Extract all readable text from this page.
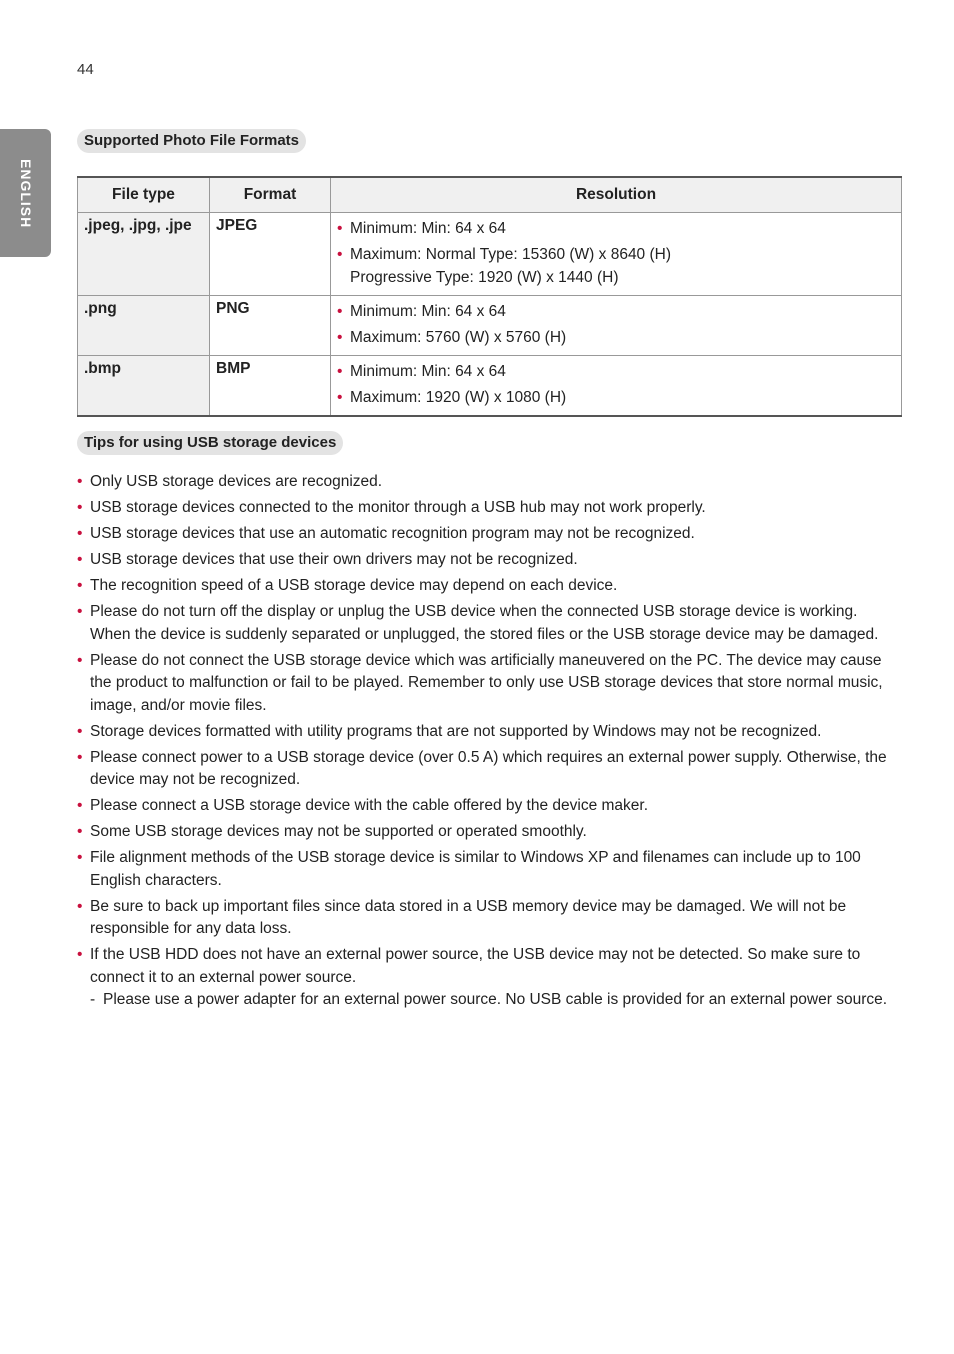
44
ENGLISH
Supported Photo File Formats
File type	Format	Resolution
.jpeg, .jpg, .jpe	JPEG	• Minimum: Min: 64 x 64
• Maximum: Normal Type: 15360 (W) x 8640 (H)
Progressive Type: 1920 (W) x 1440 (H)

.png	PNG	• Minimum: Min: 64 x 64
• Maximum: 5760 (W) x 5760 (H)

.bmp	BMP	• Minimum: Min: 64 x 64
• Maximum: 1920 (W) x 1080 (H)
Tips for using USB storage devices
• Only USB storage devices are recognized.
• USB storage devices connected to the monitor through a USB hub may not work properly.
• USB storage devices that use an automatic recognition program may not be recognized.
• USB storage devices that use their own drivers may not be recognized.
• The recognition speed of a USB storage device may depend on each device.
• Please do not turn off the display or unplug the USB device when the connected USB storage device is working. When the device is suddenly separated or unplugged, the stored files or the USB storage device may be damaged.
• Please do not connect the USB storage device which was artificially maneuvered on the PC. The device may cause the product to malfunction or fail to be played. Remember to only use USB storage devices that store normal music, image, and/or movie files.
• Storage devices formatted with utility programs that are not supported by Windows may not be recognized.
• Please connect power to a USB storage device (over 0.5 A) which requires an external power supply. Otherwise, the device may not be recognized.
• Please connect a USB storage device with the cable offered by the device maker.
• Some USB storage devices may not be supported or operated smoothly.
• File alignment methods of the USB storage device is similar to Windows XP and filenames can include up to 100 English characters.
• Be sure to back up important files since data stored in a USB memory device may be damaged. We will not be responsible for any data loss.
• If the USB HDD does not have an external power source, the USB device may not be detected. So make sure to connect it to an external power source.
- Please use a power adapter for an external power source. No USB cable is provided for an external power source.
